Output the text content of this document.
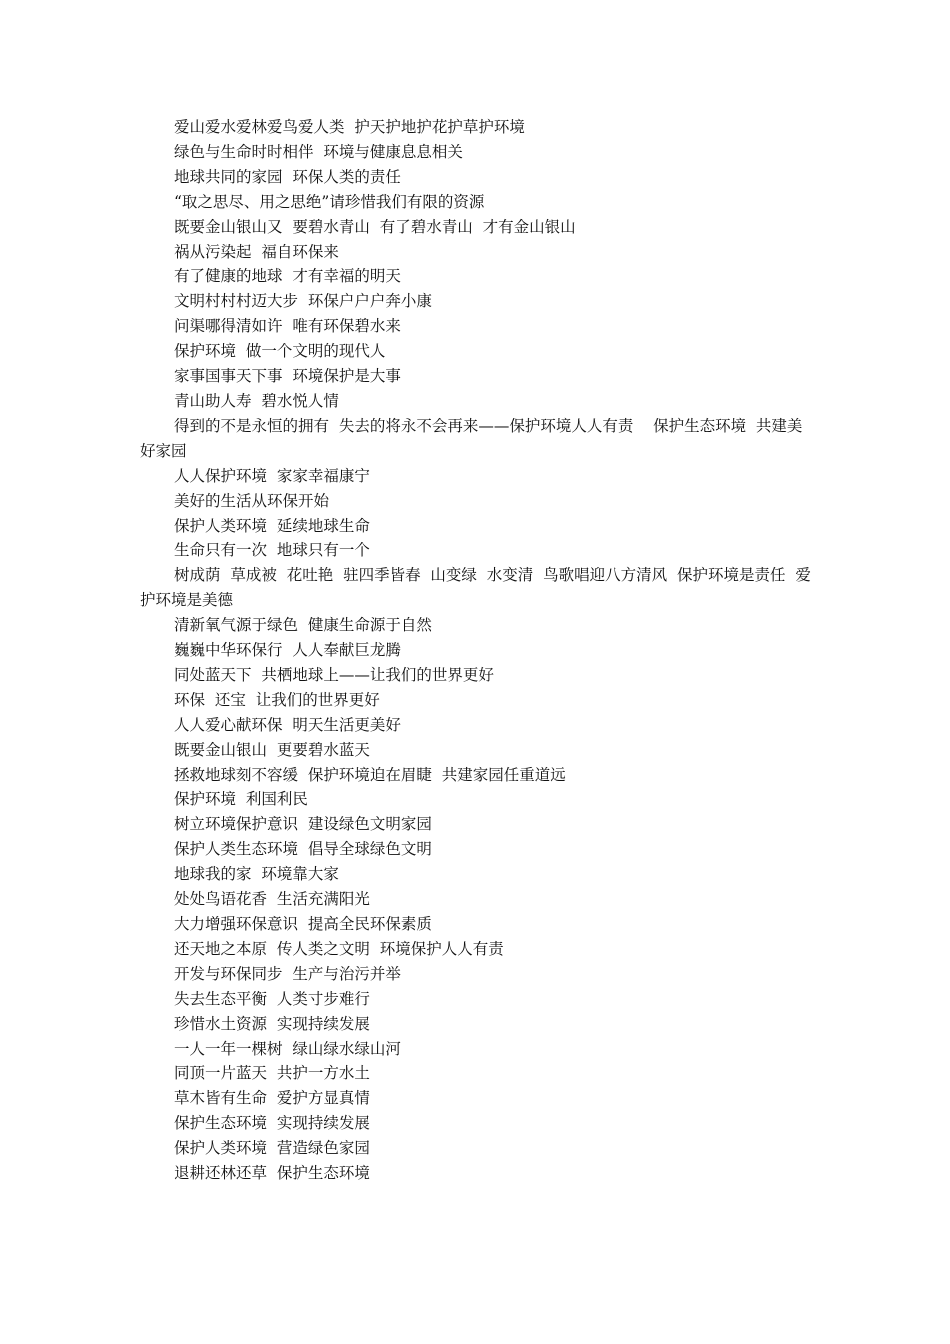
爱山爱水爱林爱鸟爱人类  护天护地护花护草护环境

绿色与生命时时相伴  环境与健康息息相关

地球共同的家园  环保人类的责任

“取之思尽、用之思绝”请珍惜我们有限的资源

既要金山银山又  要碧水青山  有了碧水青山  才有金山银山

祸从污染起  福自环保来

有了健康的地球  才有幸福的明天

文明村村村迈大步  环保户户户奔小康

问渠哪得清如许  唯有环保碧水来

保护环境  做一个文明的现代人

家事国事天下事  环境保护是大事

青山助人寿  碧水悦人情

得到的不是永恒的拥有  失去的将永不会再来——保护环境人人有责    保护生态环境  共建美好家园

人人保护环境  家家幸福康宁

美好的生活从环保开始

保护人类环境  延续地球生命

生命只有一次  地球只有一个

树成荫  草成被  花吐艳  驻四季皆春  山变绿  水变清  鸟歌唱迎八方清风  保护环境是责任  爱护环境是美德

清新氧气源于绿色  健康生命源于自然

巍巍中华环保行  人人奉献巨龙腾

同处蓝天下  共栖地球上——让我们的世界更好

环保  还宝  让我们的世界更好

人人爱心献环保  明天生活更美好

既要金山银山  更要碧水蓝天

拯救地球刻不容缓  保护环境迫在眉睫  共建家园任重道远

保护环境  利国利民

树立环境保护意识  建设绿色文明家园

保护人类生态环境  倡导全球绿色文明

地球我的家  环境靠大家

处处鸟语花香  生活充满阳光

大力增强环保意识  提高全民环保素质

还天地之本原  传人类之文明  环境保护人人有责

开发与环保同步  生产与治污并举

失去生态平衡  人类寸步难行

珍惜水土资源  实现持续发展

一人一年一棵树  绿山绿水绿山河

同顶一片蓝天  共护一方水土

草木皆有生命  爱护方显真情

保护生态环境  实现持续发展

保护人类环境  营造绿色家园

退耕还林还草  保护生态环境
